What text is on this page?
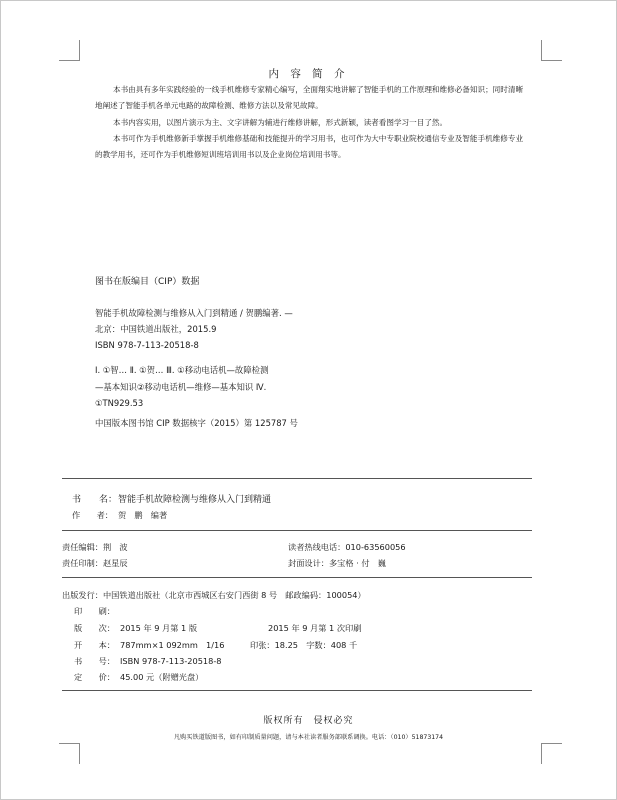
内 容 简 介

本书由具有多年实践经验的一线手机维修专家精心编写，全面翔实地讲解了智能手机的工作原理和维修必备知识；同时清晰地阐述了智能手机各单元电路的故障检测、维修方法以及常见故障。

本书内容实用，以图片演示为主、文字讲解为辅进行维修讲解，形式新颖，读者看图学习一目了然。

本书可作为手机维修新手掌握手机维修基础和技能提升的学习用书，也可作为大中专职业院校通信专业及智能手机维修专业的教学用书，还可作为手机维修短训班培训用书以及企业岗位培训用书等。

图书在版编目（CIP）数据
智能手机故障检测与维修从入门到精通 / 贺鹏编著. —
北京：中国铁道出版社，2015.9
ISBN 978-7-113-20518-8
Ⅰ. ①智… Ⅱ. ①贺… Ⅲ. ①移动电话机—故障检测
—基本知识②移动电话机—维修—基本知识 Ⅳ.
①TN929.53
中国版本图书馆 CIP 数据核字（2015）第 125787 号
书　　名：智能手机故障检测与维修从入门到精通
作　　者： 贺　鹏　编著
责任编辑：荆　波	读者热线电话：010-63560056
责任印制：赵星辰	封面设计：多宝格 · 付　巍
出版发行：中国铁道出版社（北京市西城区右安门西街 8 号　邮政编码：100054）
印　　刷：
版　　次： 2015 年 9 月第 1 版	2015 年 9 月第 1 次印刷
开　　本： 787mm×1 092mm　1/16	印张：18.25　字数：408 千
书　　号： ISBN 978-7-113-20518-8
定　　价： 45.00 元（附赠光盘）
版权所有　侵权必究
凡购买铁道版图书，如有印制质量问题，请与本社读者服务部联系调换。电话：（010）51873174
